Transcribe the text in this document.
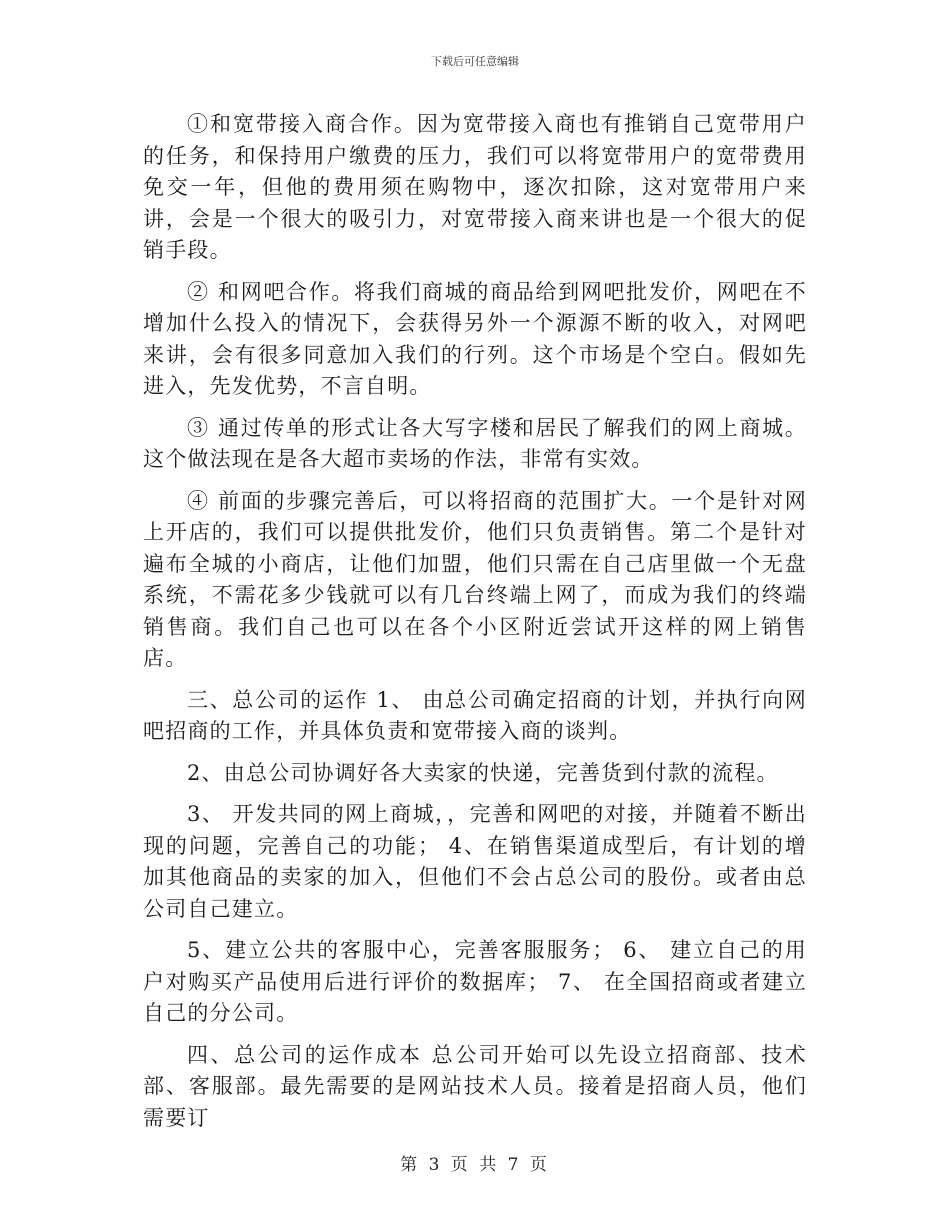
下载后可任意编辑

①和宽带接入商合作。因为宽带接入商也有推销自己宽带用户的任务，和保持用户缴费的压力，我们可以将宽带用户的宽带费用免交一年，但他的费用须在购物中，逐次扣除，这对宽带用户来讲，会是一个很大的吸引力，对宽带接入商来讲也是一个很大的促销手段。

② 和网吧合作。将我们商城的商品给到网吧批发价，网吧在不增加什么投入的情况下，会获得另外一个源源不断的收入，对网吧来讲，会有很多同意加入我们的行列。这个市场是个空白。假如先进入，先发优势，不言自明。

③ 通过传单的形式让各大写字楼和居民了解我们的网上商城。这个做法现在是各大超市卖场的作法，非常有实效。

④ 前面的步骤完善后，可以将招商的范围扩大。一个是针对网上开店的，我们可以提供批发价，他们只负责销售。第二个是针对遍布全城的小商店，让他们加盟，他们只需在自己店里做一个无盘系统，不需花多少钱就可以有几台终端上网了，而成为我们的终端销售商。我们自己也可以在各个小区附近尝试开这样的网上销售店。

三、总公司的运作 1、 由总公司确定招商的计划，并执行向网吧招商的工作，并具体负责和宽带接入商的谈判。

2、由总公司协调好各大卖家的快递，完善货到付款的流程。

3、 开发共同的网上商城，，完善和网吧的对接，并随着不断出现的问题，完善自己的功能； 4、在销售渠道成型后，有计划的增加其他商品的卖家的加入，但他们不会占总公司的股份。或者由总公司自己建立。

5、建立公共的客服中心，完善客服服务； 6、 建立自己的用户对购买产品使用后进行评价的数据库； 7、 在全国招商或者建立自己的分公司。

四、总公司的运作成本 总公司开始可以先设立招商部、技术部、客服部。最先需要的是网站技术人员。接着是招商人员，他们需要订

第 3 页 共 7 页
